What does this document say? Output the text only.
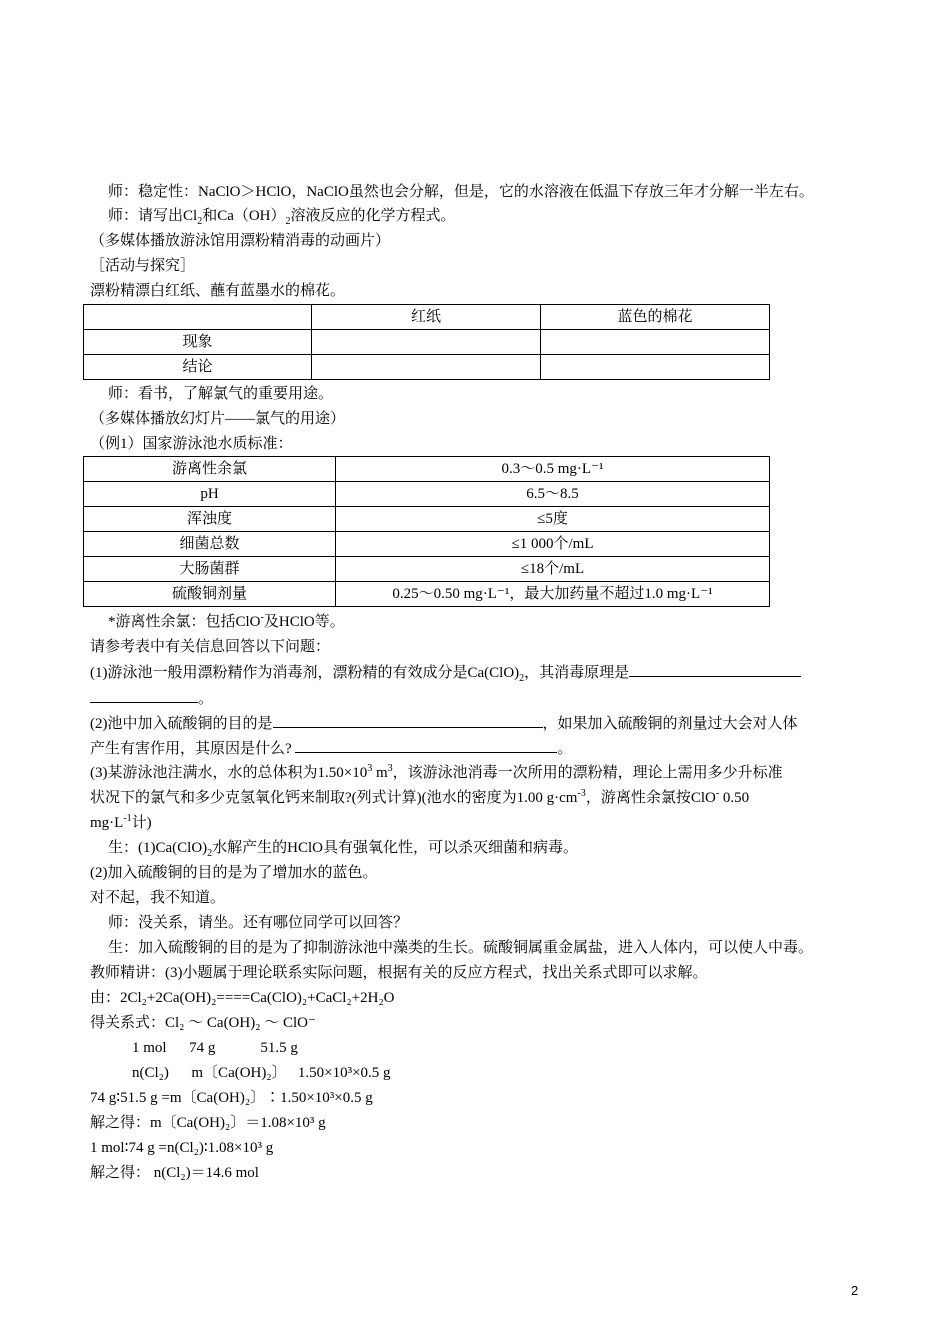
师：稳定性：NaClO＞HClO，NaClO虽然也会分解，但是，它的水溶液在低温下存放三年才分解一半左右。
师：请写出$Cl_2$和$Ca(OH)_2$溶液反应的化学方程式。
（多媒体播放游泳馆用漂粉精消毒的动画片）
［活动与探究］
漂粉精漂白红纸、蘸有蓝墨水的棉花。
	红纸	蓝色的棉花
现象		
结论		
师：看书，了解氯气的重要用途。
（多媒体播放幻灯片——氯气的用途）
（例1）国家游泳池水质标准：
游离性余氯	0.3～0.5 mg·L⁻¹
pH	6.5～8.5
浑浊度	≤5度
细菌总数	≤1 000个/mL
大肠菌群	≤18个/mL
硫酸铜剂量	0.25～0.50 mg·L⁻¹，最大加药量不超过1.0 mg·L⁻¹
*游离性余氯：包括ClO-及HClO等。
请参考表中有关信息回答以下问题：
(1)游泳池一般用漂粉精作为消毒剂，漂粉精的有效成分是$Ca(ClO)_2$，其消毒原理是
。
(2)池中加入硫酸铜的目的是	，如果加入硫酸铜的剂量过大会对人体
产生有害作用，其原因是什么?	。
(3)某游泳池注满水，水的总体积为$1.50\times 10^3$ $m^3$，该游泳池消毒一次所用的漂粉精，理论上需用多少升标准
状况下的氯气和多少克氢氧化钙来制取?(列式计算)(池水的密度为1.00 $g\cdot cm^{-3}$，游离性余氯按ClO- 0.50
$mg\cdot L^{-1}$计)
生：$(1)Ca(ClO)_2$水解产生的HClO具有强氧化性，可以杀灭细菌和病毒。
(2)加入硫酸铜的目的是为了增加水的蓝色。
对不起，我不知道。
师：没关系，请坐。还有哪位同学可以回答？
生：加入硫酸铜的目的是为了抑制游泳池中藻类的生长。硫酸铜属重金属盐，进入人体内，可以使人中毒。
教师精讲：(3)小题属于理论联系实际问题，根据有关的反应方程式，找出关系式即可以求解。
由：2Cl₂+2Ca(OH)₂====Ca(ClO)₂+CaCl₂+2H₂O
得关系式：Cl₂ ～ Ca(OH)₂ ～ ClO⁻
1 mol      74 g            51.5 g
n(Cl₂)      m〔Ca(OH)₂〕   1.50×10³×0.5 g
74 g∶51.5 g =m〔Ca(OH)₂〕∶1.50×10³×0.5 g
解之得：m〔Ca(OH)₂〕＝1.08×10³ g
1 mol∶74 g =n(Cl₂)∶1.08×10³ g
解之得： n(Cl₂)＝14.6 mol
2
